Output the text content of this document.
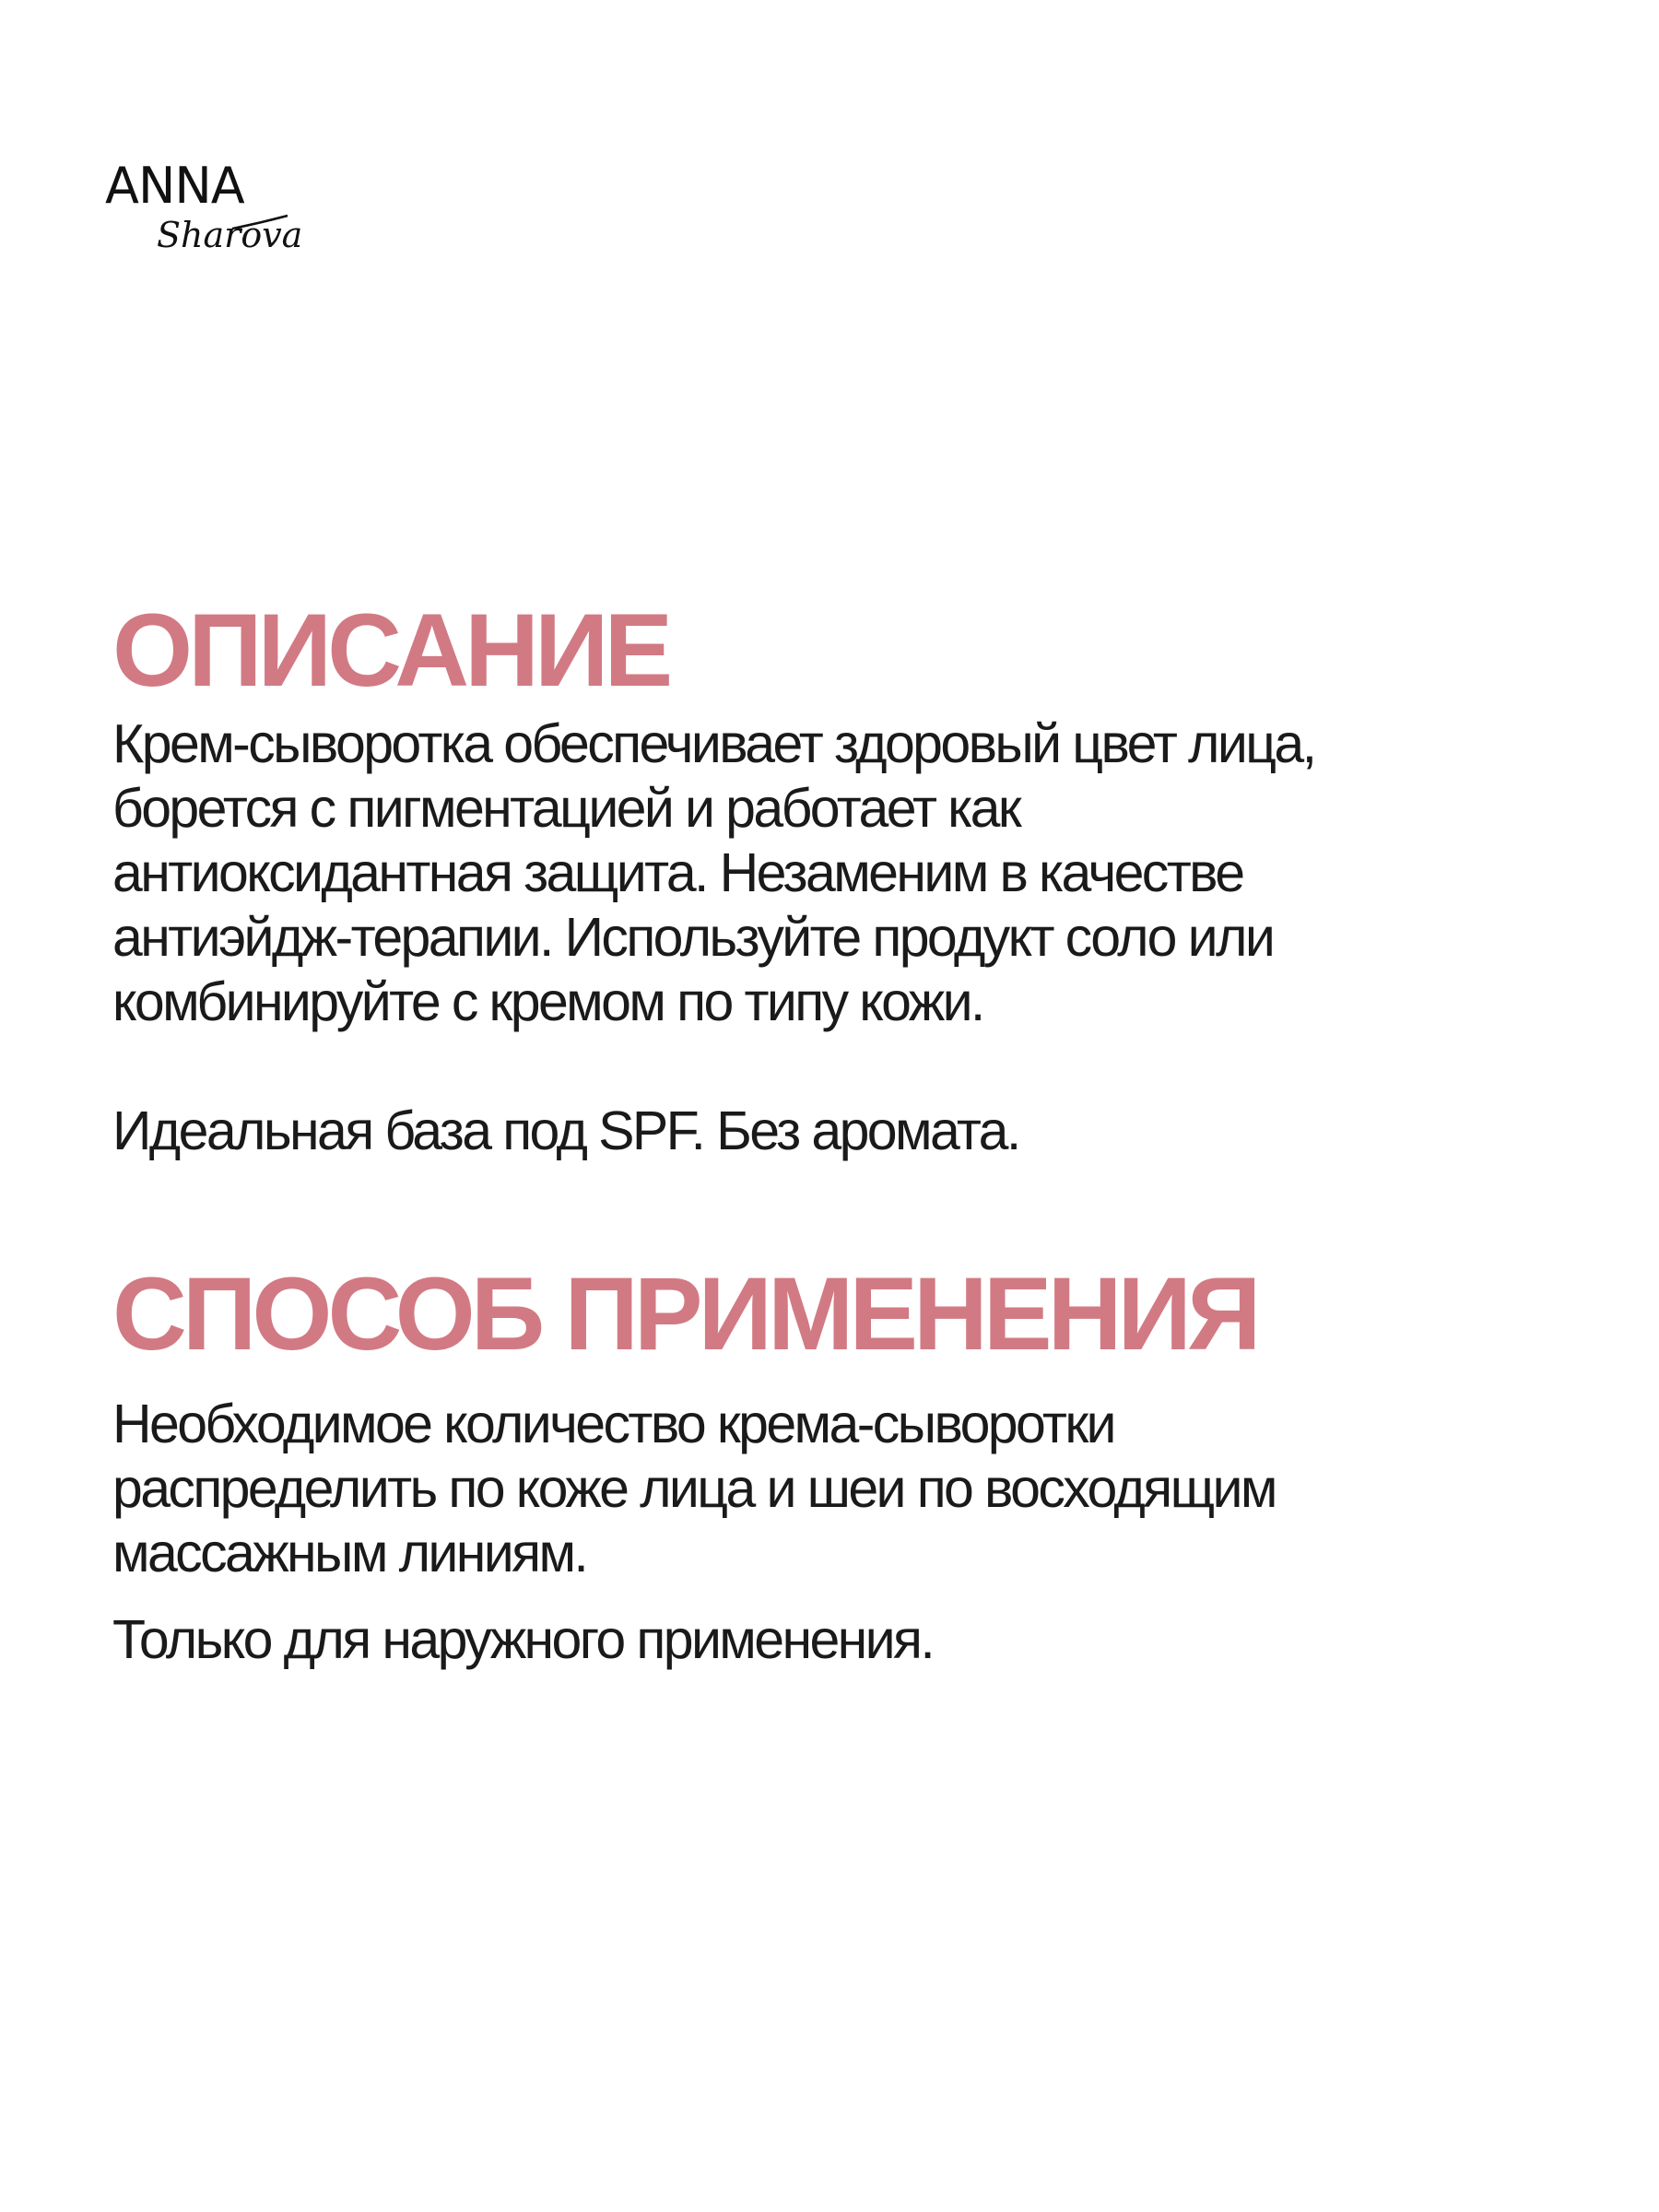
ANNA
Sharova
ОПИСАНИЕ

Крем-сыворотка обеспечивает здоровый цвет лица,
борется с пигментацией и работает как
антиоксидантная защита. Незаменим в качестве
антиэйдж-терапии. Используйте продукт соло или
комбинируйте с кремом по типу кожи.

Идеальная база под SPF. Без аромата.

СПОСОБ ПРИМЕНЕНИЯ

Необходимое количество крема-сыворотки
распределить по коже лица и шеи по восходящим
массажным линиям.

Только для наружного применения.
